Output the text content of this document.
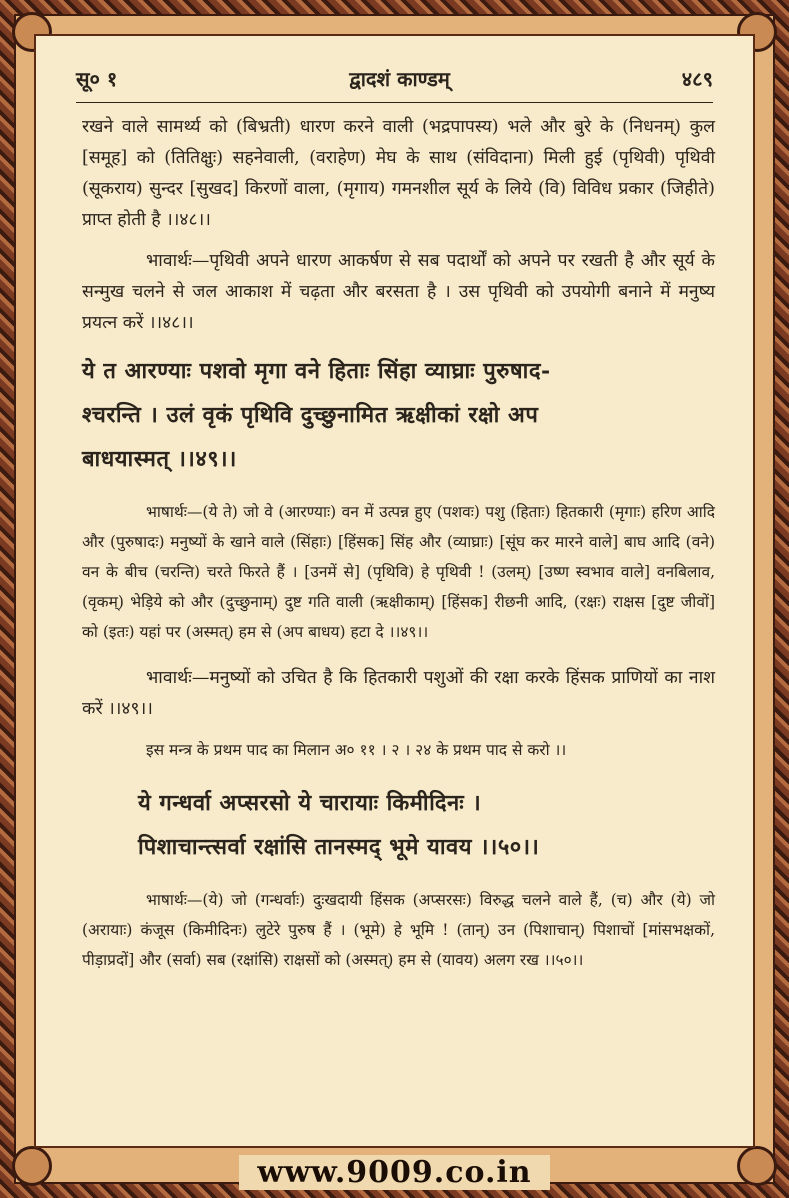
सू० १	द्वादशं काण्डम्	४८९

रखने वाले सामर्थ्य को (बिभ्रती) धारण करने वाली (भद्रपापस्य) भले और बुरे के (निधनम्) कुल [समूह] को (तितिक्षुः) सहनेवाली, (वराहेण) मेघ के साथ (संविदाना) मिली हुई (पृथिवी) पृथिवी (सूकराय) सुन्दर [सुखद] किरणों वाला, (मृगाय) गमनशील सूर्य के लिये (वि) विविध प्रकार (जिहीते) प्राप्त होती है ।।४८।।

भावार्थः—पृथिवी अपने धारण आकर्षण से सब पदार्थों को अपने पर रखती है और सूर्य के सन्मुख चलने से जल आकाश में चढ़ता और बरसता है । उस पृथिवी को उपयोगी बनाने में मनुष्य प्रयत्न करें ।।४८।।

ये त आरण्याः पशवो मृगा वने हिताः सिंहा व्याघ्राः पुरुषाद-

श्चरन्ति । उलं वृकं पृथिवि दुच्छुनामित ऋक्षीकां रक्षो अप

बाधयास्मत् ।।४९।।

भाषार्थः—(ये ते) जो वे (आरण्याः) वन में उत्पन्न हुए (पशवः) पशु (हिताः) हितकारी (मृगाः) हरिण आदि और (पुरुषादः) मनुष्यों के खाने वाले (सिंहाः) [हिंसक] सिंह और (व्याघ्राः) [सूंघ कर मारने वाले] बाघ आदि (वने) वन के बीच (चरन्ति) चरते फिरते हैं । [उनमें से] (पृथिवि) हे पृथिवी ! (उलम्) [उष्ण स्वभाव वाले] वनबिलाव, (वृकम्) भेड़िये को और (दुच्छुनाम्) दुष्ट गति वाली (ऋक्षीकाम्) [हिंसक] रीछनी आदि, (रक्षः) राक्षस [दुष्ट जीवों] को (इतः) यहां पर (अस्मत्) हम से (अप बाधय) हटा दे ।।४९।।

भावार्थः—मनुष्यों को उचित है कि हितकारी पशुओं की रक्षा करके हिंसक प्राणियों का नाश करें ।।४९।।

इस मन्त्र के प्रथम पाद का मिलान अ० ११ । २ । २४ के प्रथम पाद से करो ।।

ये गन्धर्वा अप्सरसो ये चारायाः किमीदिनः ।

पिशाचान्त्सर्वा रक्षांसि तानस्मद् भूमे यावय ।।५०।।

भाषार्थः—(ये) जो (गन्धर्वाः) दुःखदायी हिंसक (अप्सरसः) विरुद्ध चलने वाले हैं, (च) और (ये) जो (अरायाः) कंजूस (किमीदिनः) लुटेरे पुरुष हैं । (भूमे) हे भूमि ! (तान्) उन (पिशाचान्) पिशाचों [मांसभक्षकों, पीड़ाप्रदों] और (सर्वा) सब (रक्षांसि) राक्षसों को (अस्मत्) हम से (यावय) अलग रख ।।५०।।

www.9009.co.in
